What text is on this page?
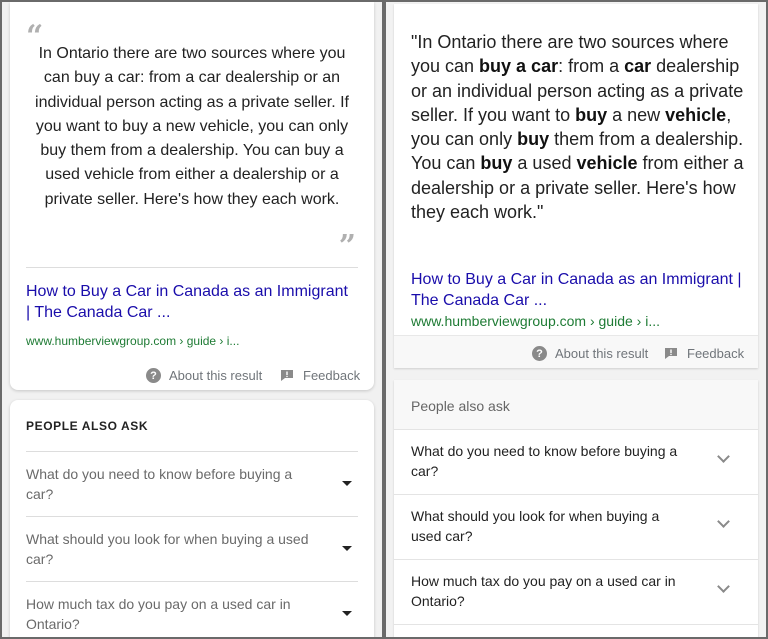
“
In Ontario there are two sources where you can buy a car: from a car dealership or an individual person acting as a private seller. If you want to buy a new vehicle, you can only buy them from a dealership. You can buy a used vehicle from either a dealership or a private seller. Here's how they each work.
”
How to Buy a Car in Canada as an Immigrant | The Canada Car ...
www.humberviewgroup.com › guide › i...
? About this result	Feedback
PEOPLE ALSO ASK
What do you need to know before buying a car?
What should you look for when buying a used car?
How much tax do you pay on a used car in Ontario?
"In Ontario there are two sources where you can buy a car: from a car dealership or an individual person acting as a private seller. If you want to buy a new vehicle, you can only buy them from a dealership. You can buy a used vehicle from either a dealership or a private seller. Here's how they each work."
How to Buy a Car in Canada as an Immigrant | The Canada Car ...
www.humberviewgroup.com › guide › i...
? About this result	Feedback
People also ask
What do you need to know before buying a car?
What should you look for when buying a used car?
How much tax do you pay on a used car in Ontario?
